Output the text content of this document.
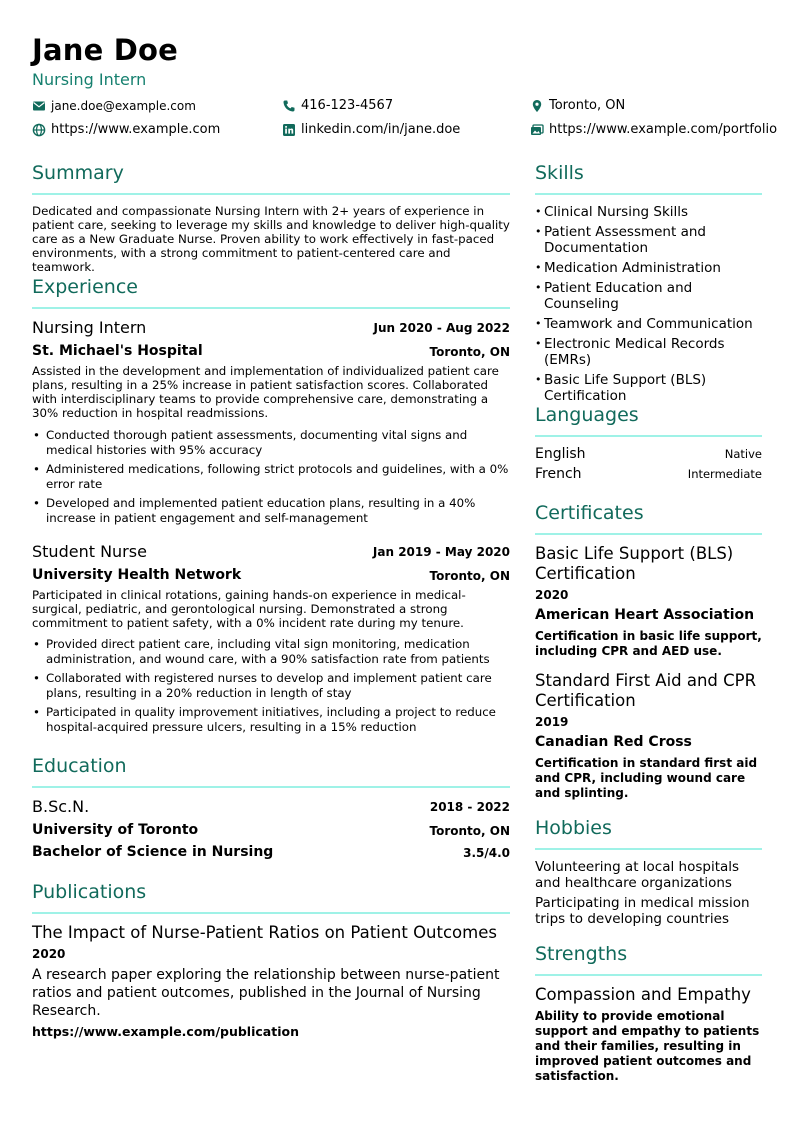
Jane Doe
Nursing Intern
jane.doe@example.com	416-123-4567	Toronto, ON
https://www.example.com	linkedin.com/in/jane.doe	https://www.example.com/portfolio
Summary
Dedicated and compassionate Nursing Intern with 2+ years of experience in patient care, seeking to leverage my skills and knowledge to deliver high-quality care as a New Graduate Nurse. Proven ability to work effectively in fast-paced environments, with a strong commitment to patient-centered care and teamwork.
Experience
Nursing Intern	Jun 2020 - Aug 2022
St. Michael's Hospital	Toronto, ON
Assisted in the development and implementation of individualized patient care plans, resulting in a 25% increase in patient satisfaction scores. Collaborated with interdisciplinary teams to provide comprehensive care, demonstrating a 30% reduction in hospital readmissions.
• Conducted thorough patient assessments, documenting vital signs and medical histories with 95% accuracy
• Administered medications, following strict protocols and guidelines, with a 0% error rate
• Developed and implemented patient education plans, resulting in a 40% increase in patient engagement and self-management
Student Nurse	Jan 2019 - May 2020
University Health Network	Toronto, ON
Participated in clinical rotations, gaining hands-on experience in medical-surgical, pediatric, and gerontological nursing. Demonstrated a strong commitment to patient safety, with a 0% incident rate during my tenure.
• Provided direct patient care, including vital sign monitoring, medication administration, and wound care, with a 90% satisfaction rate from patients
• Collaborated with registered nurses to develop and implement patient care plans, resulting in a 20% reduction in length of stay
• Participated in quality improvement initiatives, including a project to reduce hospital-acquired pressure ulcers, resulting in a 15% reduction
Education
B.Sc.N.	2018 - 2022
University of Toronto	Toronto, ON
Bachelor of Science in Nursing	3.5/4.0
Publications
The Impact of Nurse-Patient Ratios on Patient Outcomes
2020
A research paper exploring the relationship between nurse-patient ratios and patient outcomes, published in the Journal of Nursing Research.
https://www.example.com/publication
Skills
• Clinical Nursing Skills
• Patient Assessment and Documentation
• Medication Administration
• Patient Education and Counseling
• Teamwork and Communication
• Electronic Medical Records (EMRs)
• Basic Life Support (BLS) Certification
Languages
English	Native
French	Intermediate
Certificates
Basic Life Support (BLS) Certification
2020
American Heart Association
Certification in basic life support, including CPR and AED use.
Standard First Aid and CPR Certification
2019
Canadian Red Cross
Certification in standard first aid and CPR, including wound care and splinting.
Hobbies
Volunteering at local hospitals and healthcare organizations
Participating in medical mission trips to developing countries
Strengths
Compassion and Empathy
Ability to provide emotional support and empathy to patients and their families, resulting in improved patient outcomes and satisfaction.
